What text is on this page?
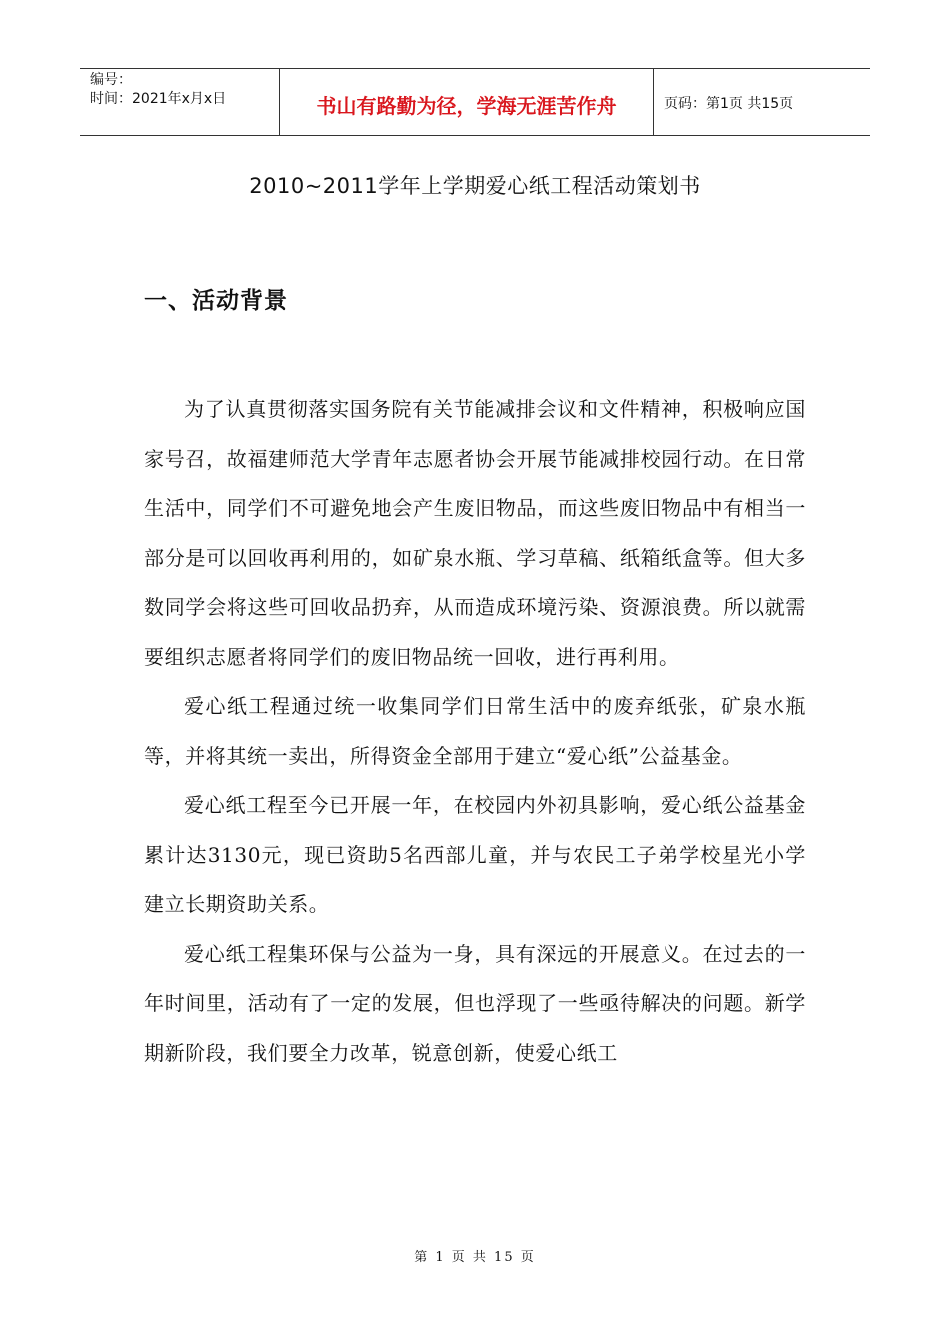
编号：
时间：2021年x月x日	书山有路勤为径，学海无涯苦作舟	页码：第1页 共15页
2010~2011学年上学期爱心纸工程活动策划书
一、活动背景

为了认真贯彻落实国务院有关节能减排会议和文件精神，积极响应国家号召，故福建师范大学青年志愿者协会开展节能减排校园行动。在日常生活中，同学们不可避免地会产生废旧物品，而这些废旧物品中有相当一部分是可以回收再利用的，如矿泉水瓶、学习草稿、纸箱纸盒等。但大多数同学会将这些可回收品扔弃，从而造成环境污染、资源浪费。所以就需要组织志愿者将同学们的废旧物品统一回收，进行再利用。

爱心纸工程通过统一收集同学们日常生活中的废弃纸张，矿泉水瓶等，并将其统一卖出，所得资金全部用于建立“爱心纸”公益基金。

爱心纸工程至今已开展一年，在校园内外初具影响，爱心纸公益基金累计达3130元，现已资助5名西部儿童，并与农民工子弟学校星光小学建立长期资助关系。

爱心纸工程集环保与公益为一身，具有深远的开展意义。在过去的一年时间里，活动有了一定的发展，但也浮现了一些亟待解决的问题。新学期新阶段，我们要全力改革，锐意创新，使爱心纸工

第 1 页 共 15 页
